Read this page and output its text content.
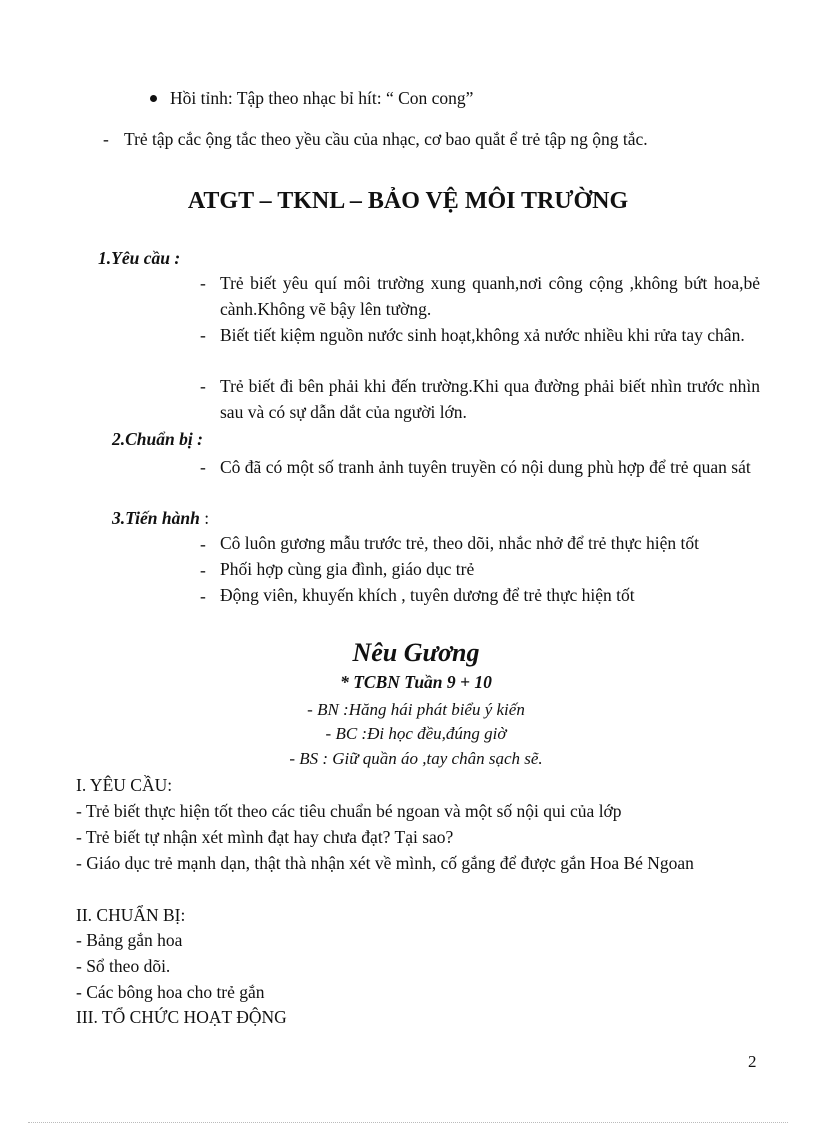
Hồi tỉnh: Tập theo nhạc bỉ hít: “ Con cong”
- Trẻ tập cắc ộng tắc theo yều cầu của nhạc, cơ bao quắt ể trẻ tập ng ộng tắc.
ATGT – TKNL – BẢO VỆ MÔI TRƯỜNG
1.Yêu cầu :
- Trẻ biết yêu quí môi trường xung quanh,nơi công cộng ,không bứt hoa,bẻ cành.Không vẽ bậy lên tường.
- Biết tiết kiệm nguồn nước sinh hoạt,không xả nước nhiều khi rửa tay chân.
- Trẻ biết đi bên phải khi đến trường.Khi qua đường phải biết nhìn trước nhìn sau và có sự dẫn dắt của người lớn.
2.Chuẩn bị :
- Cô đã có một số tranh ảnh tuyên truyền có nội dung phù hợp để trẻ quan sát
3.Tiến hành :
- Cô luôn gương mẫu trước trẻ, theo dõi, nhắc nhở để trẻ thực hiện tốt
- Phối hợp cùng gia đình, giáo dục trẻ
- Động viên, khuyến khích , tuyên dương để trẻ thực hiện tốt
Nêu Gương
* TCBN Tuần 9 + 10
- BN :Hăng hái phát biểu ý kiến
- BC :Đi học đều,đúng giờ
- BS : Giữ quần áo ,tay chân sạch sẽ.
I. YÊU CẦU:
- Trẻ biết thực hiện tốt theo các tiêu chuẩn bé ngoan và một số nội qui của lớp
- Trẻ biết tự nhận xét mình đạt hay chưa đạt? Tại sao?
- Giáo dục trẻ mạnh dạn, thật thà nhận xét về mình, cố gắng để được gắn Hoa Bé Ngoan
II. CHUẨN BỊ:
- Bảng gắn hoa
- Sổ theo dõi.
- Các bông hoa cho trẻ gắn
III. TỔ CHỨC HOẠT ĐỘNG
2
